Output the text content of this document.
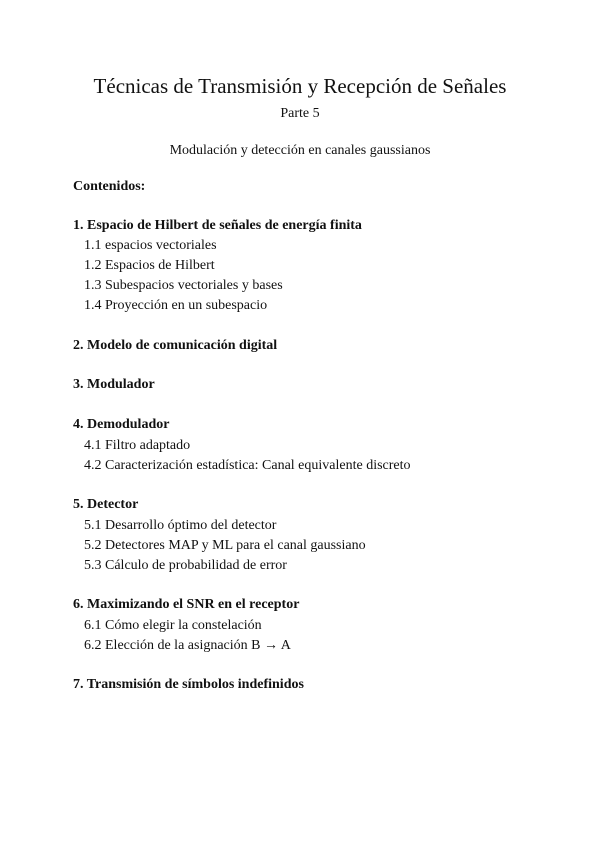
Técnicas de Transmisión y Recepción de Señales
Parte 5
Modulación y detección en canales gaussianos
Contenidos:
1. Espacio de Hilbert de señales de energía finita
1.1 espacios vectoriales
1.2 Espacios de Hilbert
1.3 Subespacios vectoriales y bases
1.4 Proyección en un subespacio
2. Modelo de comunicación digital
3. Modulador
4. Demodulador
4.1 Filtro adaptado
4.2 Caracterización estadística: Canal equivalente discreto
5. Detector
5.1 Desarrollo óptimo del detector
5.2 Detectores MAP y ML para el canal gaussiano
5.3 Cálculo de probabilidad de error
6. Maximizando el SNR en el receptor
6.1 Cómo elegir la constelación
6.2 Elección de la asignación B → A
7. Transmisión de símbolos indefinidos
